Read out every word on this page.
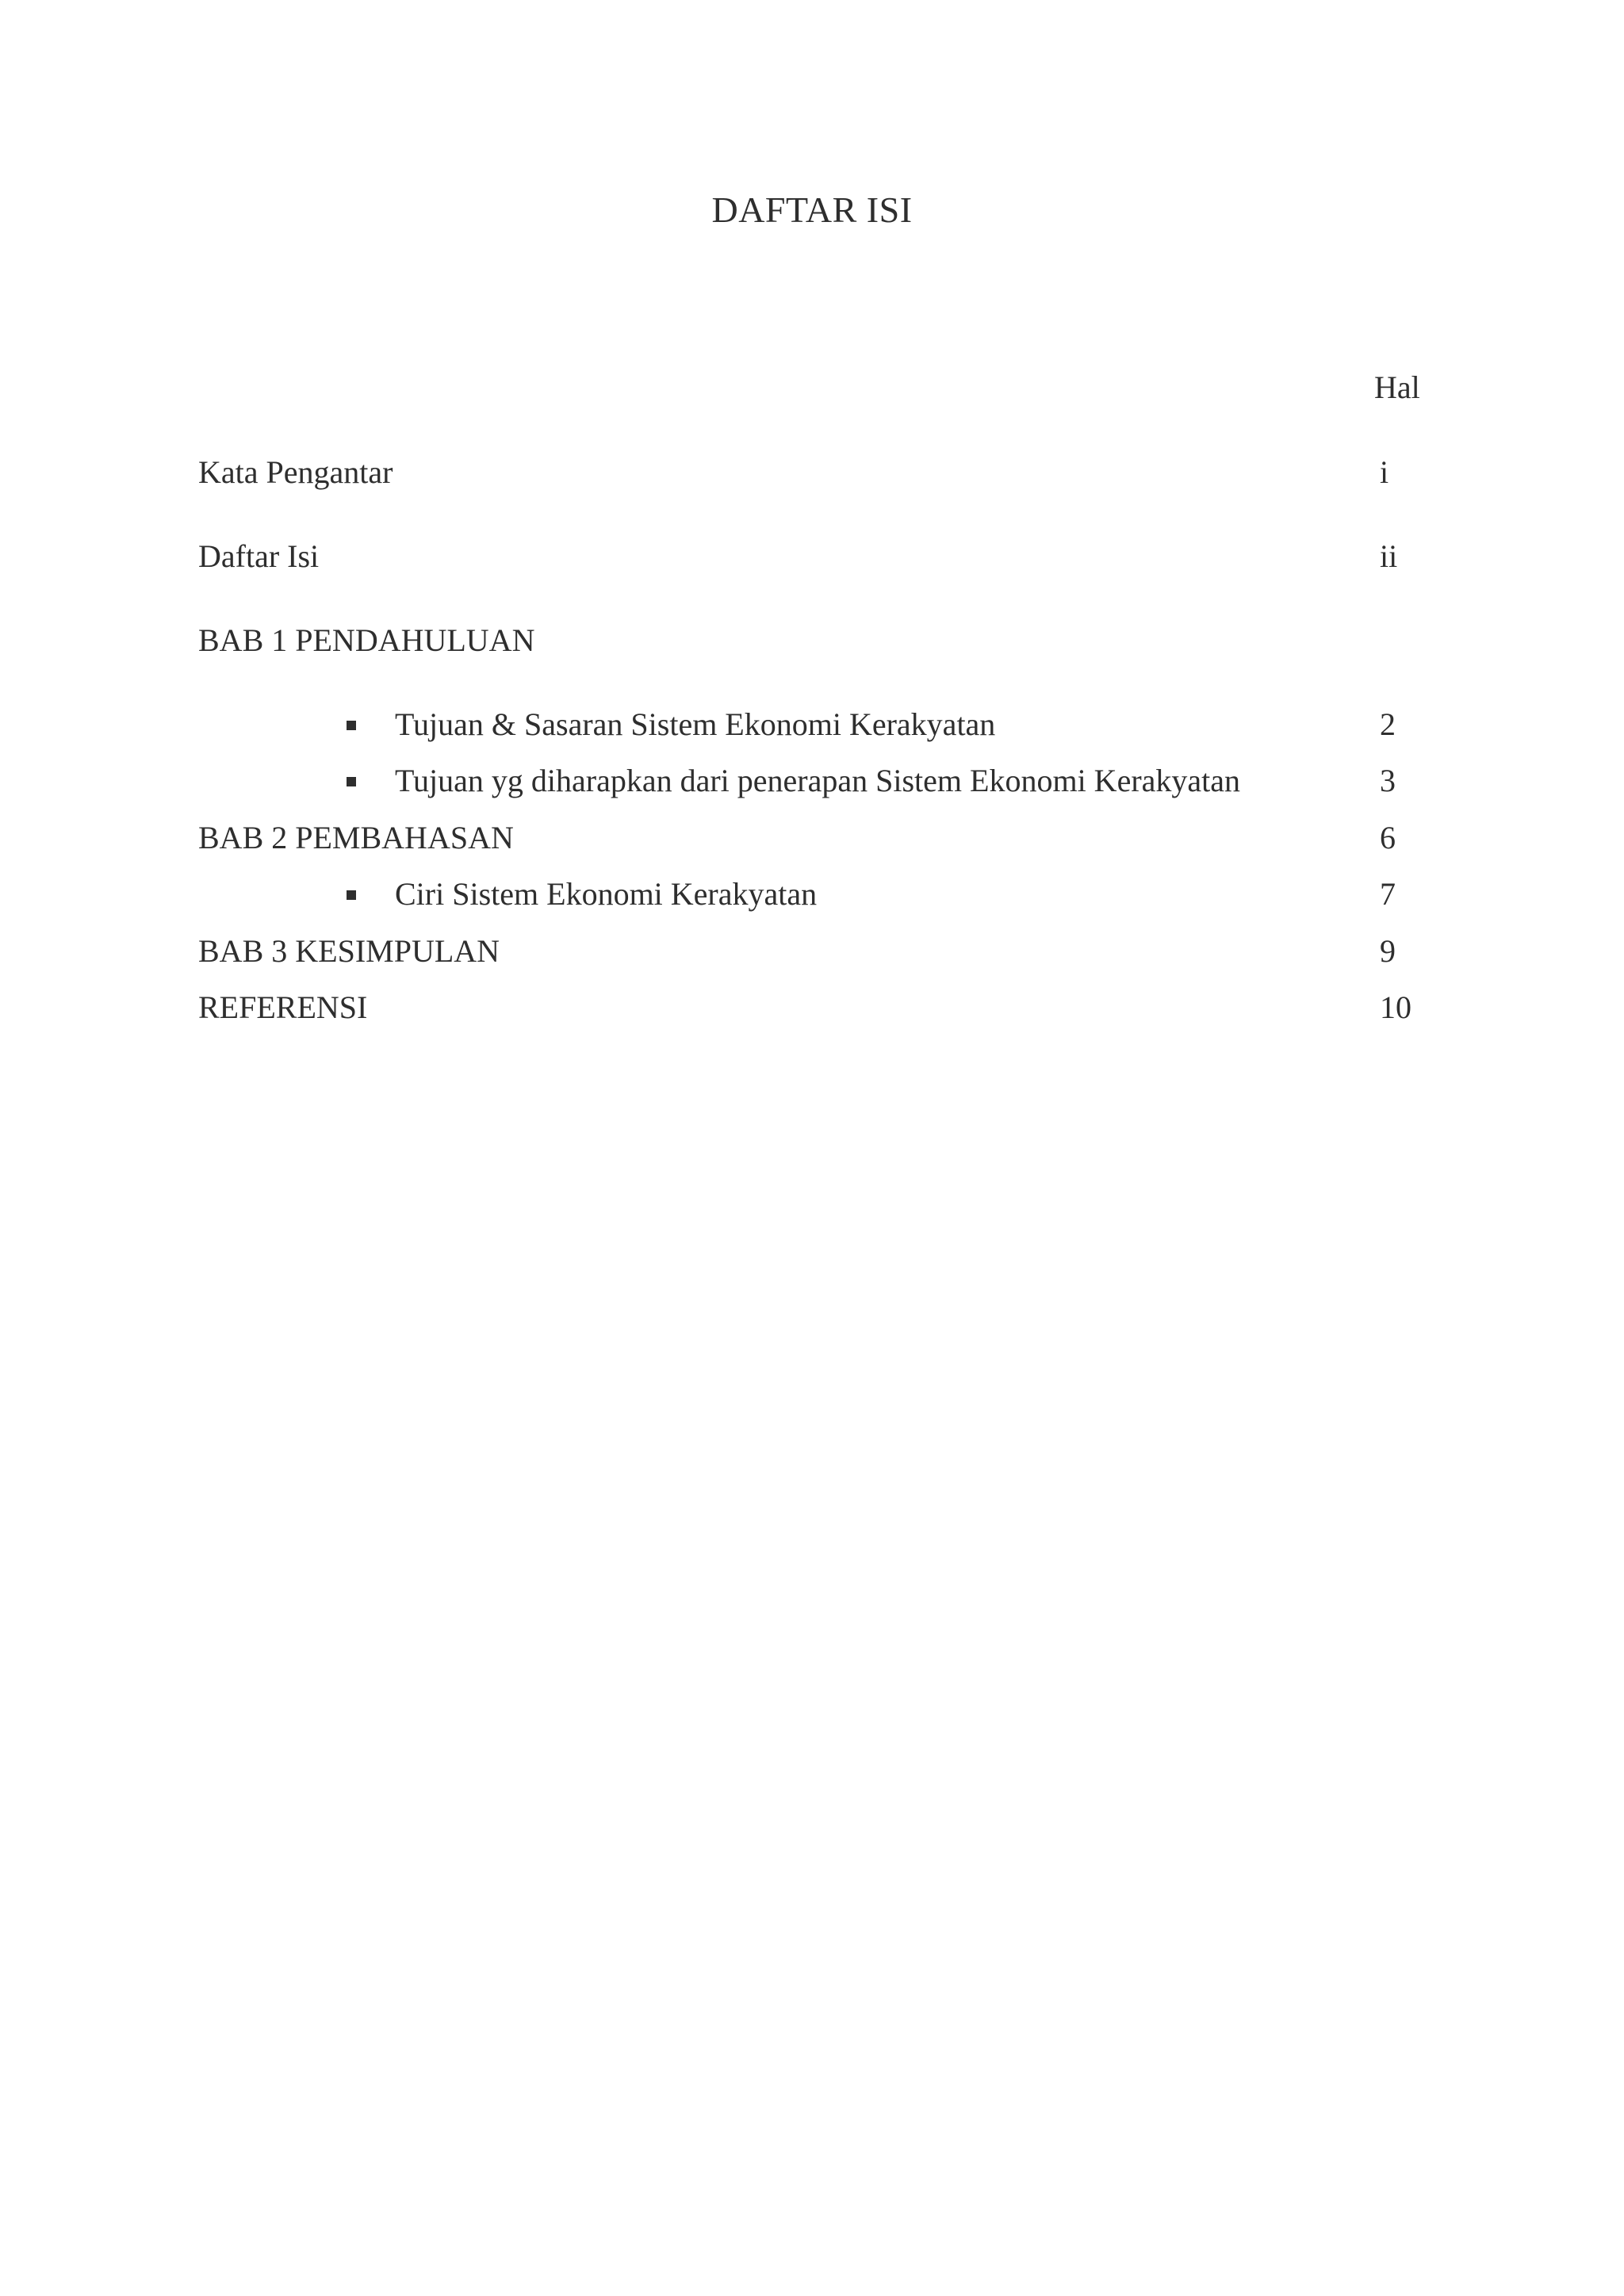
DAFTAR ISI
Hal
Kata Pengantar	i
Daftar Isi	ii
BAB 1 PENDAHULUAN
Tujuan & Sasaran Sistem Ekonomi Kerakyatan	2
Tujuan yg diharapkan dari penerapan Sistem Ekonomi Kerakyatan	3
BAB 2 PEMBAHASAN	6
Ciri Sistem Ekonomi Kerakyatan	7
BAB 3 KESIMPULAN	9
REFERENSI	10
